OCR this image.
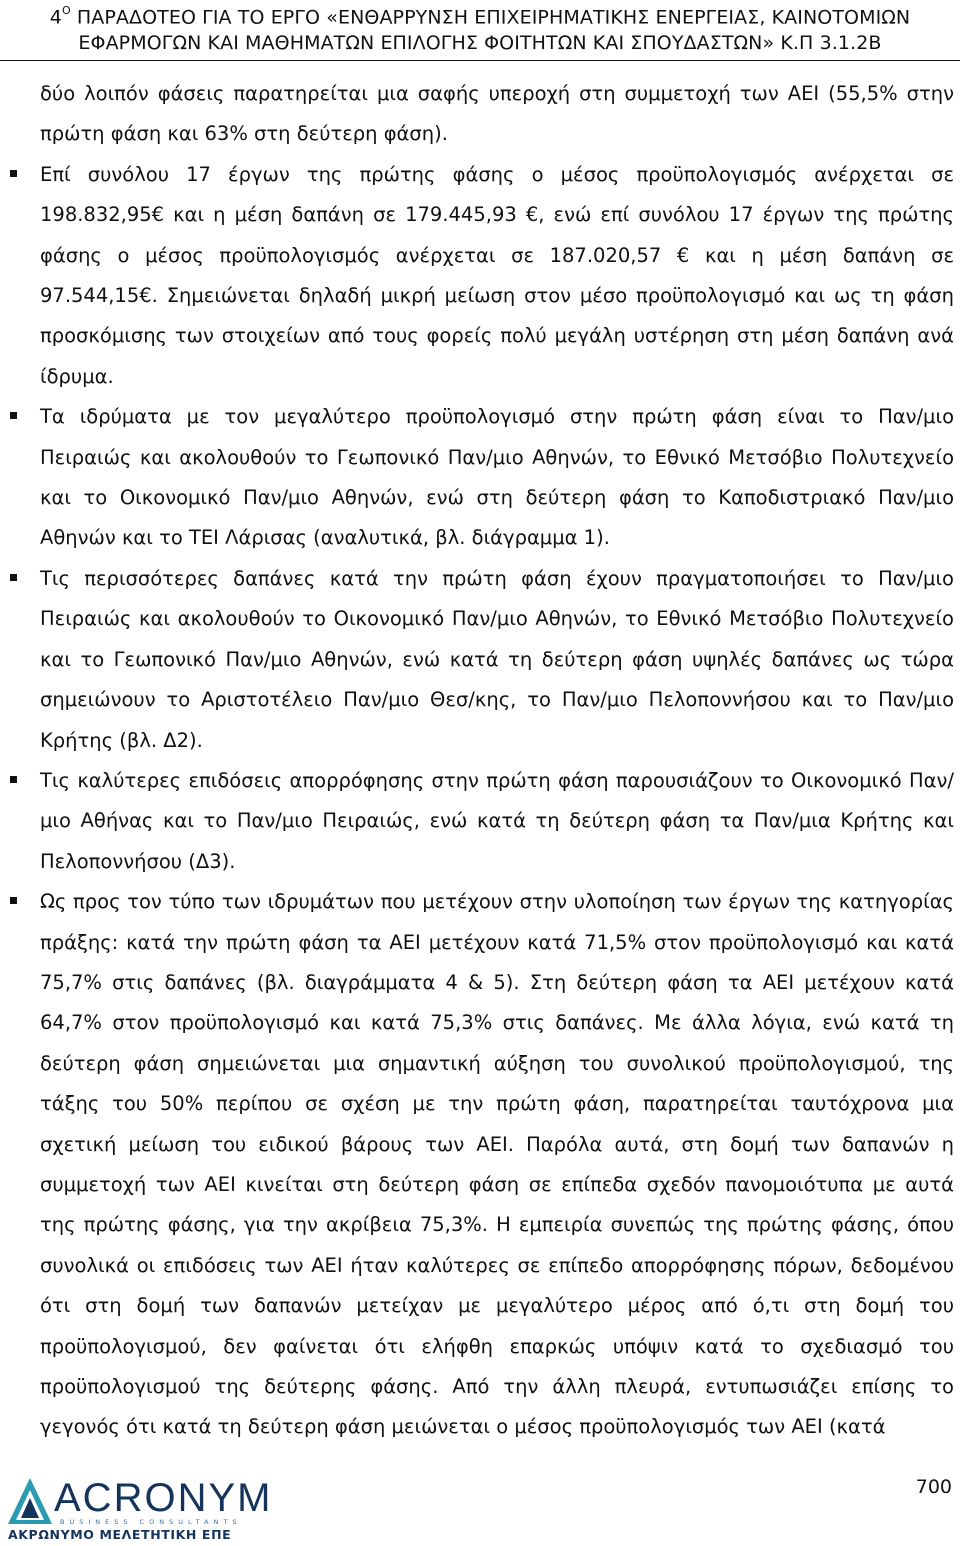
$4^O$ ΠΑΡΑΔΟΤΕΟ ΓΙΑ ΤΟ ΕΡΓΟ «ΕΝΘΑΡΡΥΝΣΗ ΕΠΙΧΕΙΡΗΜΑΤΙΚΗΣ ΕΝΕΡΓΕΙΑΣ, ΚΑΙΝΟΤΟΜΙΩΝ
ΕΦΑΡΜΟΓΩΝ ΚΑΙ ΜΑΘΗΜΑΤΩΝ ΕΠΙΛΟΓΗΣ ΦΟΙΤΗΤΩΝ ΚΑΙ ΣΠΟΥΔΑΣΤΩΝ» Κ.Π 3.1.2Β

δύο λοιπόν φάσεις παρατηρείται μια σαφής υπεροχή στη συμμετοχή των ΑΕΙ (55,5% στην πρώτη φάση και 63% στη δεύτερη φάση).

Επί συνόλου 17 έργων της πρώτης φάσης ο μέσος προϋπολογισμός ανέρχεται σε 198.832,95€ και η μέση δαπάνη σε 179.445,93 €, ενώ επί συνόλου 17 έργων της πρώτης φάσης ο μέσος προϋπολογισμός ανέρχεται σε 187.020,57 € και η μέση δαπάνη σε 97.544,15€. Σημειώνεται δηλαδή μικρή μείωση στον μέσο προϋπολογισμό και ως τη φάση προσκόμισης των στοιχείων από τους φορείς πολύ μεγάλη υστέρηση στη μέση δαπάνη ανά ίδρυμα.

Τα ιδρύματα με τον μεγαλύτερο προϋπολογισμό στην πρώτη φάση είναι το Παν/μιο Πειραιώς και ακολουθούν το Γεωπονικό Παν/μιο Αθηνών, το Εθνικό Μετσόβιο Πολυτεχνείο και το Οικονομικό Παν/μιο Αθηνών, ενώ στη δεύτερη φάση το Καποδιστριακό Παν/μιο Αθηνών και το ΤΕΙ Λάρισας (αναλυτικά, βλ. διάγραμμα 1).

Τις περισσότερες δαπάνες κατά την πρώτη φάση έχουν πραγματοποιήσει το Παν/μιο Πειραιώς και ακολουθούν το Οικονομικό Παν/μιο Αθηνών, το Εθνικό Μετσόβιο Πολυτεχνείο και το Γεωπονικό Παν/μιο Αθηνών, ενώ κατά τη δεύτερη φάση υψηλές δαπάνες ως τώρα σημειώνουν το Αριστοτέλειο Παν/μιο Θεσ/κης, το Παν/μιο Πελοποννήσου και το Παν/μιο Κρήτης (βλ. Δ2).

Τις καλύτερες επιδόσεις απορρόφησης στην πρώτη φάση παρουσιάζουν το Οικονομικό Παν/μιο Αθήνας και το Παν/μιο Πειραιώς, ενώ κατά τη δεύτερη φάση τα Παν/μια Κρήτης και Πελοποννήσου (Δ3).

Ως προς τον τύπο των ιδρυμάτων που μετέχουν στην υλοποίηση των έργων της κατηγορίας πράξης: κατά την πρώτη φάση τα ΑΕΙ μετέχουν κατά 71,5% στον προϋπολογισμό και κατά 75,7% στις δαπάνες (βλ. διαγράμματα 4 & 5). Στη δεύτερη φάση τα ΑΕΙ μετέχουν κατά 64,7% στον προϋπολογισμό και κατά 75,3% στις δαπάνες. Με άλλα λόγια, ενώ κατά τη δεύτερη φάση σημειώνεται μια σημαντική αύξηση του συνολικού προϋπολογισμού, της τάξης του 50% περίπου σε σχέση με την πρώτη φάση, παρατηρείται ταυτόχρονα μια σχετική μείωση του ειδικού βάρους των ΑΕΙ. Παρόλα αυτά, στη δομή των δαπανών η συμμετοχή των ΑΕΙ κινείται στη δεύτερη φάση σε επίπεδα σχεδόν πανομοιότυπα με αυτά της πρώτης φάσης, για την ακρίβεια 75,3%. Η εμπειρία συνεπώς της πρώτης φάσης, όπου συνολικά οι επιδόσεις των ΑΕΙ ήταν καλύτερες σε επίπεδο απορρόφησης πόρων, δεδομένου ότι στη δομή των δαπανών μετείχαν με μεγαλύτερο μέρος από ό,τι στη δομή του προϋπολογισμού, δεν φαίνεται ότι ελήφθη επαρκώς υπόψιν κατά το σχεδιασμό του προϋπολογισμού της δεύτερης φάσης. Από την άλλη πλευρά, εντυπωσιάζει επίσης το γεγονός ότι κατά τη δεύτερη φάση μειώνεται ο μέσος προϋπολογισμός των ΑΕΙ (κατά

ACRONYM
BUSINESS CONSULTANTS
ΑΚΡΩΝΥΜΟ ΜΕΛΕΤΗΤΙΚΗ ΕΠΕ
700
